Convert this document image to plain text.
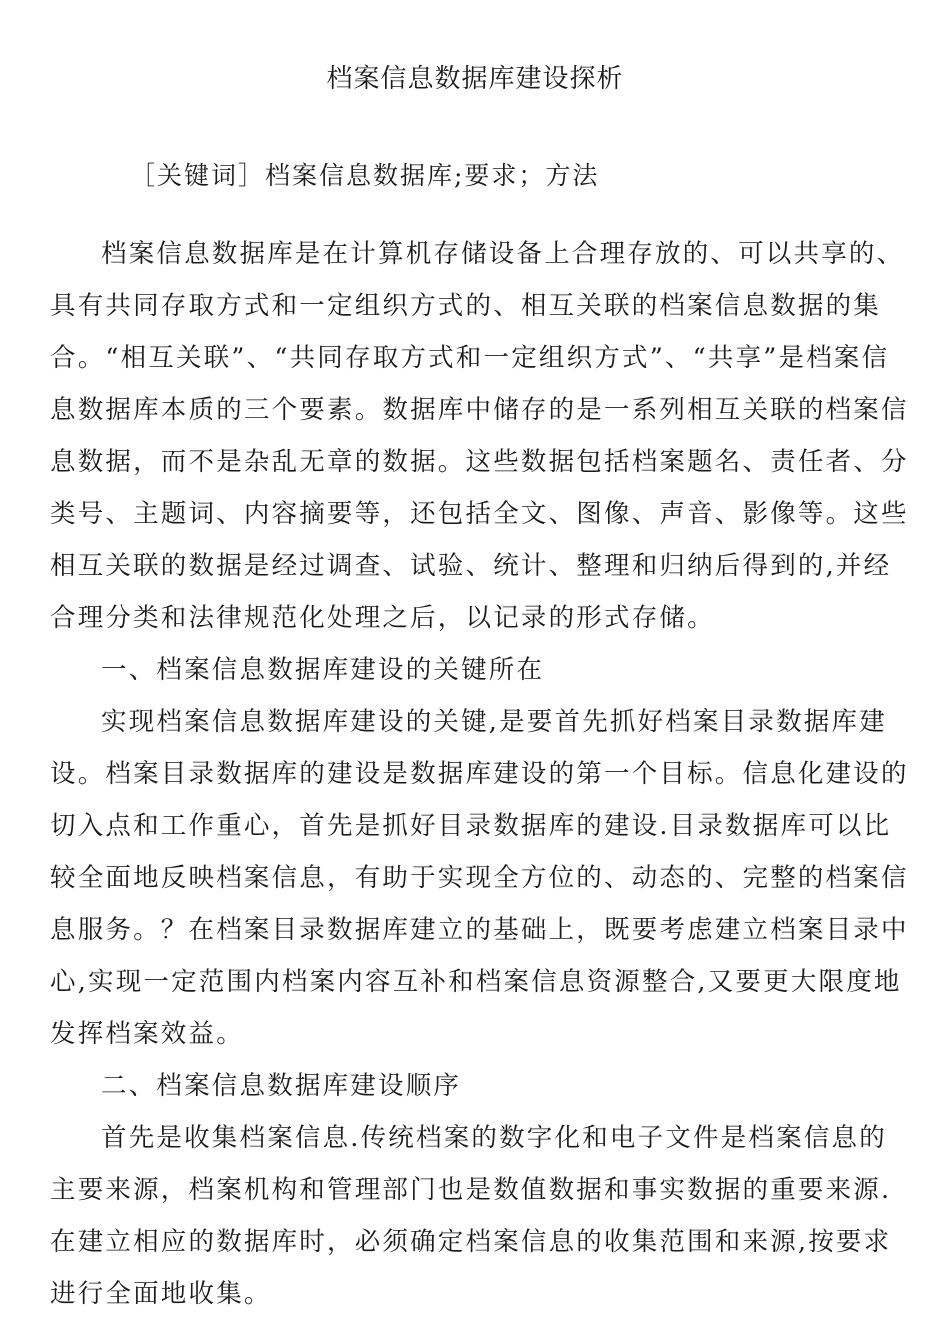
档案信息数据库建设探析
［关键词］档案信息数据库;要求；方法

档案信息数据库是在计算机存储设备上合理存放的、可以共享的、具有共同存取方式和一定组织方式的、相互关联的档案信息数据的集合。“相互关联”、“共同存取方式和一定组织方式”、“共享”是档案信息数据库本质的三个要素。数据库中储存的是一系列相互关联的档案信息数据，而不是杂乱无章的数据。这些数据包括档案题名、责任者、分类号、主题词、内容摘要等，还包括全文、图像、声音、影像等。这些相互关联的数据是经过调查、试验、统计、整理和归纳后得到的,并经合理分类和法律规范化处理之后，以记录的形式存储。

一、档案信息数据库建设的关键所在

实现档案信息数据库建设的关键,是要首先抓好档案目录数据库建设。档案目录数据库的建设是数据库建设的第一个目标。信息化建设的切入点和工作重心，首先是抓好目录数据库的建设.目录数据库可以比较全面地反映档案信息，有助于实现全方位的、动态的、完整的档案信息服务。？在档案目录数据库建立的基础上，既要考虑建立档案目录中心,实现一定范围内档案内容互补和档案信息资源整合,又要更大限度地发挥档案效益。

二、档案信息数据库建设顺序

首先是收集档案信息.传统档案的数字化和电子文件是档案信息的主要来源，档案机构和管理部门也是数值数据和事实数据的重要来源.在建立相应的数据库时，必须确定档案信息的收集范围和来源,按要求进行全面地收集。
